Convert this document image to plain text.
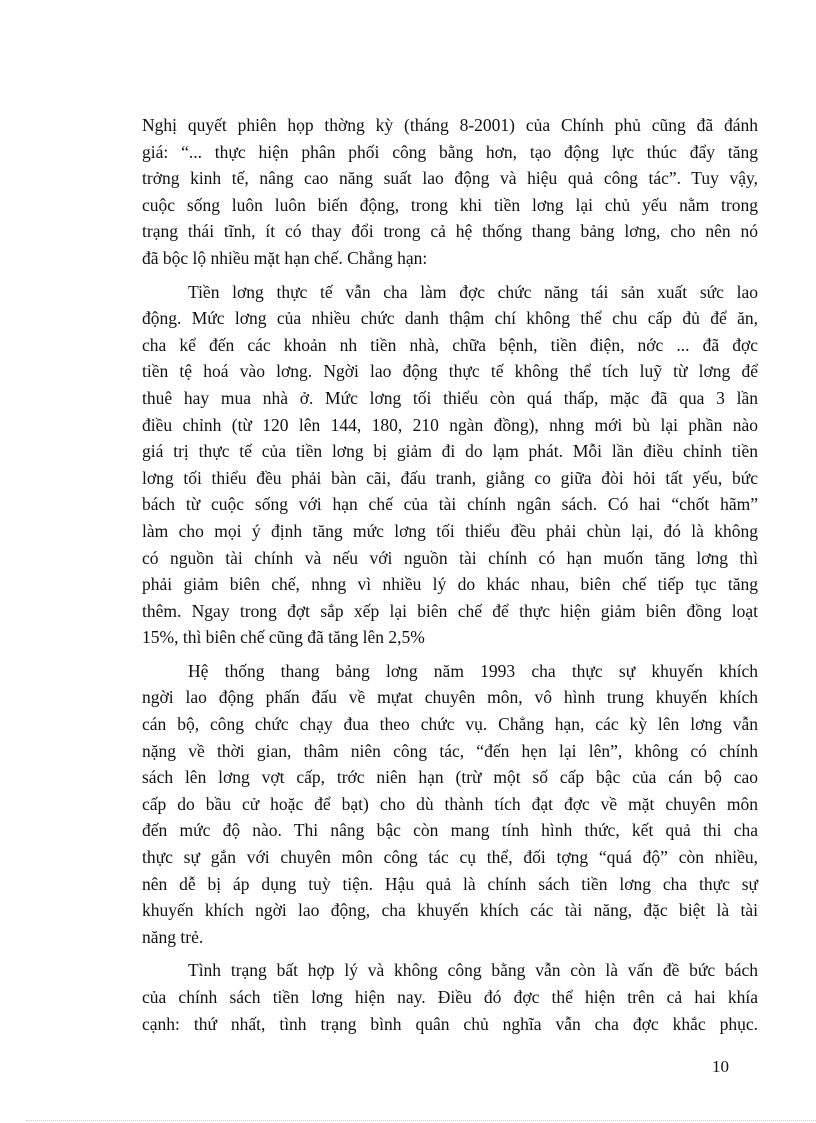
Nghị quyết phiên họp thờng kỳ (tháng 8-2001) của Chính phủ cũng đã đánh
giá: “... thực hiện phân phối công bằng hơn, tạo động lực thúc đẩy tăng
trởng kinh tế, nâng cao năng suất lao động và hiệu quả công tác”. Tuy vậy,
cuộc sống luôn luôn biến động, trong khi tiền lơng lại chủ yếu nằm trong
trạng thái tĩnh, ít có thay đổi trong cả hệ thống thang bảng lơng, cho nên nó
đã bộc lộ nhiều mặt hạn chế. Chẳng hạn:
Tiền lơng thực tế vẫn cha làm đợc chức năng tái sản xuất sức lao
động. Mức lơng của nhiều chức danh thậm chí không thể chu cấp đủ để ăn,
cha kể đến các khoản nh tiền nhà, chữa bệnh, tiền điện, nớc ... đã đợc
tiền tệ hoá vào lơng. Ngời lao động thực tế không thể tích luỹ từ lơng để
thuê hay mua nhà ở. Mức lơng tối thiểu còn quá thấp, mặc đã qua 3 lần
điều chỉnh (từ 120 lên 144, 180, 210 ngàn đồng), nhng mới bù lại phần nào
giá trị thực tế của tiền lơng bị giảm đi do lạm phát. Mỗi lần điều chỉnh tiền
lơng tối thiểu đều phải bàn cãi, đấu tranh, giằng co giữa đòi hỏi tất yếu, bức
bách từ cuộc sống với hạn chế của tài chính ngân sách. Có hai “chốt hãm”
làm cho mọi ý định tăng mức lơng tối thiểu đều phải chùn lại, đó là không
có nguồn tài chính và nếu với nguồn tài chính có hạn muốn tăng lơng thì
phải giảm biên chế, nhng vì nhiều lý do khác nhau, biên chế tiếp tục tăng
thêm. Ngay trong đợt sắp xếp lại biên chế để thực hiện giảm biên đồng loạt
15%, thì biên chế cũng đã tăng lên 2,5%
Hệ thống thang bảng lơng năm 1993 cha thực sự khuyến khích
ngời lao động phấn đấu về mựat chuyên môn, vô hình trung khuyến khích
cán bộ, công chức chạy đua theo chức vụ. Chẳng hạn, các kỳ lên lơng vẫn
nặng về thời gian, thâm niên công tác, “đến hẹn lại lên”, không có chính
sách lên lơng vợt cấp, trớc niên hạn (trừ một số cấp bậc của cán bộ cao
cấp do bầu cử hoặc để bạt) cho dù thành tích đạt đợc về mặt chuyên môn
đến mức độ nào. Thi nâng bậc còn mang tính hình thức, kết quả thi cha
thực sự gắn với chuyên môn công tác cụ thể, đối tợng “quá độ” còn nhiều,
nên dễ bị áp dụng tuỳ tiện. Hậu quả là chính sách tiền lơng cha thực sự
khuyến khích ngời lao động, cha khuyến khích các tài năng, đặc biệt là tài
năng trẻ.
Tình trạng bất hợp lý và không công bằng vẫn còn là vấn đề bức bách
của chính sách tiền lơng hiện nay. Điều đó đợc thể hiện trên cả hai khía
cạnh: thứ nhất, tình trạng bình quân chủ nghĩa vẫn cha đợc khắc phục.
10
